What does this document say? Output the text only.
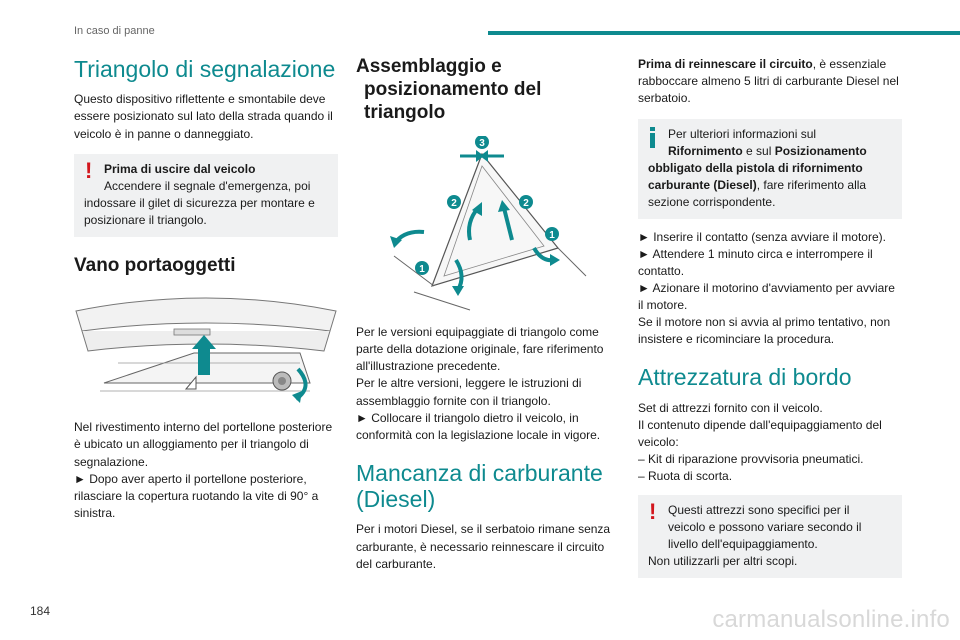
In caso di panne
Triangolo di segnalazione

Questo dispositivo riflettente e smontabile deve essere posizionato sul lato della strada quando il veicolo è in panne o danneggiato.

! Prima di uscire dal veicolo
Accendere il segnale d'emergenza, poi
indossare il gilet di sicurezza per montare e posizionare il triangolo.
Vano portaoggetti

Nel rivestimento interno del portellone posteriore è ubicato un alloggiamento per il triangolo di segnalazione.

► Dopo aver aperto il portellone posteriore, rilasciare la copertura ruotando la vite di 90° a sinistra.

Assemblaggio e
posizionamento del
triangolo
3
2	2
1
1

Per le versioni equipaggiate di triangolo come parte della dotazione originale, fare riferimento all'illustrazione precedente.

Per le altre versioni, leggere le istruzioni di assemblaggio fornite con il triangolo.

► Collocare il triangolo dietro il veicolo, in conformità con la legislazione locale in vigore.

Mancanza di carburante (Diesel)

Per i motori Diesel, se il serbatoio rimane senza carburante, è necessario reinnescare il circuito del carburante.

Prima di reinnescare il circuito, è essenziale rabboccare almeno 5 litri di carburante Diesel nel serbatoio.

Per ulteriori informazioni sul
Rifornimento e sul Posizionamento obbligato della pistola di rifornimento carburante (Diesel), fare riferimento alla sezione corrispondente.

► Inserire il contatto (senza avviare il motore).

► Attendere 1 minuto circa e interrompere il contatto.

► Azionare il motorino d'avviamento per avviare il motore.

Se il motore non si avvia al primo tentativo, non insistere e ricominciare la procedura.

Attrezzatura di bordo

Set di attrezzi fornito con il veicolo.

Il contenuto dipende dall'equipaggiamento del veicolo:

– Kit di riparazione provvisoria pneumatici.

– Ruota di scorta.

! Questi attrezzi sono specifici per il
veicolo e possono variare secondo il livello dell'equipaggiamento.
Non utilizzarli per altri scopi.
184	carmanualsonline.info
